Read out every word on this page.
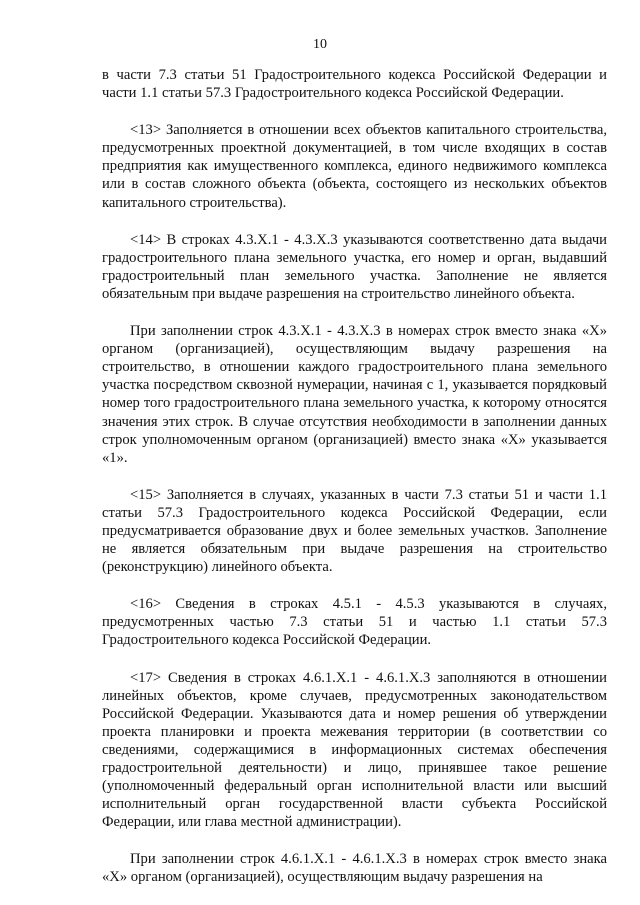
10

в части 7.3 статьи 51 Градостроительного кодекса Российской Федерации и части 1.1 статьи 57.3 Градостроительного кодекса Российской Федерации.

<13> Заполняется в отношении всех объектов капитального строительства, предусмотренных проектной документацией, в том числе входящих в состав предприятия как имущественного комплекса, единого недвижимого комплекса или в состав сложного объекта (объекта, состоящего из нескольких объектов капитального строительства).

<14> В строках 4.3.Х.1 - 4.3.Х.3 указываются соответственно дата выдачи градостроительного плана земельного участка, его номер и орган, выдавший градостроительный план земельного участка. Заполнение не является обязательным при выдаче разрешения на строительство линейного объекта.

При заполнении строк 4.3.Х.1 - 4.3.Х.3 в номерах строк вместо знака «Х» органом (организацией), осуществляющим выдачу разрешения на строительство, в отношении каждого градостроительного плана земельного участка посредством сквозной нумерации, начиная с 1, указывается порядковый номер того градостроительного плана земельного участка, к которому относятся значения этих строк. В случае отсутствия необходимости в заполнении данных строк уполномоченным органом (организацией) вместо знака «Х» указывается «1».

<15> Заполняется в случаях, указанных в части 7.3 статьи 51 и части 1.1 статьи 57.3 Градостроительного кодекса Российской Федерации, если предусматривается образование двух и более земельных участков. Заполнение не является обязательным при выдаче разрешения на строительство (реконструкцию) линейного объекта.

<16> Сведения в строках 4.5.1 - 4.5.3 указываются в случаях, предусмотренных частью 7.3 статьи 51 и частью 1.1 статьи 57.3 Градостроительного кодекса Российской Федерации.

<17> Сведения в строках 4.6.1.Х.1 - 4.6.1.Х.3 заполняются в отношении линейных объектов, кроме случаев, предусмотренных законодательством Российской Федерации. Указываются дата и номер решения об утверждении проекта планировки и проекта межевания территории (в соответствии со сведениями, содержащимися в информационных системах обеспечения градостроительной деятельности) и лицо, принявшее такое решение (уполномоченный федеральный орган исполнительной власти или высший исполнительный орган государственной власти субъекта Российской Федерации, или глава местной администрации).

При заполнении строк 4.6.1.Х.1 - 4.6.1.Х.3 в номерах строк вместо знака «Х» органом (организацией), осуществляющим выдачу разрешения на
